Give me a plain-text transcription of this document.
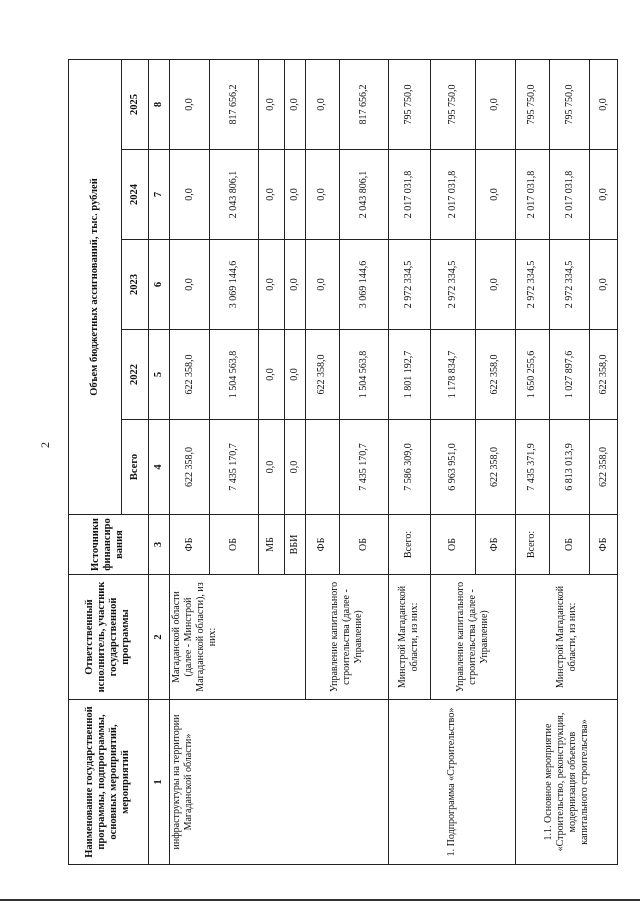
2
Наименование государственной программы, подпрограммы, основных мероприятий, мероприятий	Ответственный исполнитель, участник государственной программы	Источники финансиро вания	Объем бюджетных ассигнований, тыс. рублей				
			Всего	2022	2023	2024	2025
1	2	3	4	5	6	7	8
инфраструктуры на территории Магаданской области»	Магаданской области (далее - Минстрой Магаданской области), из них:	ФБ	622 358,0	622 358,0	0,0	0,0	0,0
		ОБ	7 435 170,7	1 504 563,8	3 069 144,6	2 043 806,1	817 656,2
		МБ	0,0	0,0	0,0	0,0	0,0
		ВБИ	0,0	0,0	0,0	0,0	0,0
	Управление капитального строительства (далее - Управление)	ФБ		622 358,0	0,0	0,0	0,0
		ОБ	7 435 170,7	1 504 563,8	3 069 144,6	2 043 806,1	817 656,2
1. Подпрограмма «Строительство»	Минстрой Магаданской области, из них:	Всего:	7 586 309,0	1 801 192,7	2 972 334,5	2 017 031,8	795 750,0
	Управление капитального строительства (далее - Управление)	ОБ	6 963 951,0	1 178 834,7	2 972 334,5	2 017 031,8	795 750,0
		ФБ	622 358,0	622 358,0	0,0	0,0	0,0
1.1. Основное мероприятие «Строительство, реконструкция, модернизация объектов капитального строительства»	Минстрой Магаданской области, из них:	Всего:	7 435 371,9	1 650 255,6	2 972 334,5	2 017 031,8	795 750,0
		ОБ	6 813 013,9	1 027 897,6	2 972 334,5	2 017 031,8	795 750,0
		ФБ	622 358,0	622 358,0	0,0	0,0	0,0
